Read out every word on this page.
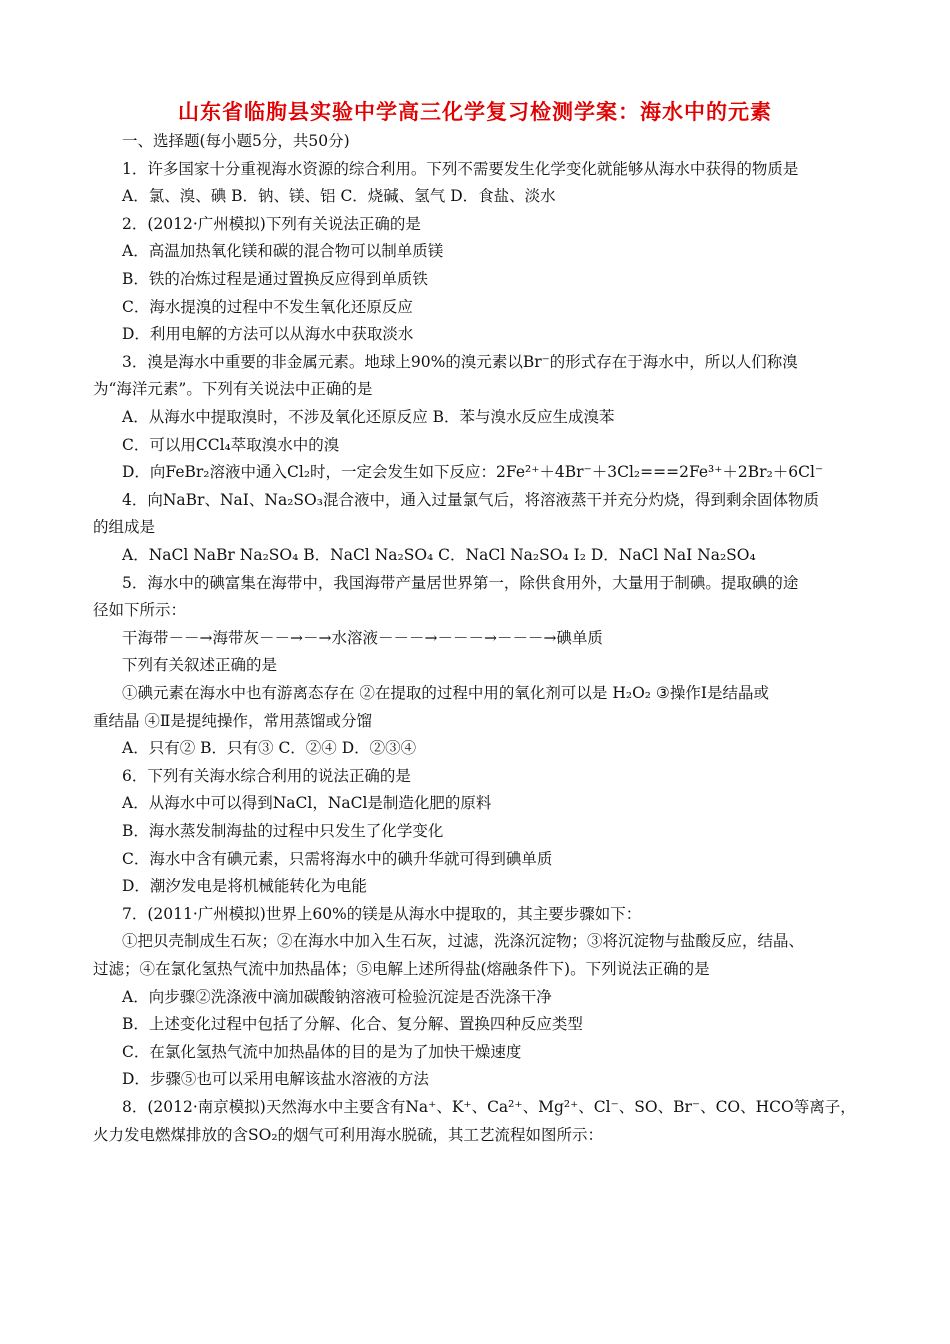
山东省临朐县实验中学高三化学复习检测学案：海水中的元素
一、选择题(每小题5分，共50分)
1．许多国家十分重视海水资源的综合利用。下列不需要发生化学变化就能够从海水中获得的物质是
A．氯、溴、碘 B．钠、镁、铝 C．烧碱、氢气 D．食盐、淡水
2．(2012·广州模拟)下列有关说法正确的是
A．高温加热氧化镁和碳的混合物可以制单质镁
B．铁的冶炼过程是通过置换反应得到单质铁
C．海水提溴的过程中不发生氧化还原反应
D．利用电解的方法可以从海水中获取淡水
3．溴是海水中重要的非金属元素。地球上90%的溴元素以Br⁻的形式存在于海水中，所以人们称溴
为“海洋元素”。下列有关说法中正确的是
A．从海水中提取溴时，不涉及氧化还原反应 B．苯与溴水反应生成溴苯
C．可以用CCl₄萃取溴水中的溴
D．向FeBr₂溶液中通入Cl₂时，一定会发生如下反应：2Fe²⁺＋4Br⁻＋3Cl₂===2Fe³⁺＋2Br₂＋6Cl⁻
4．向NaBr、NaI、Na₂SO₃混合液中，通入过量氯气后，将溶液蒸干并充分灼烧，得到剩余固体物质
的组成是
A．NaCl NaBr Na₂SO₄ B．NaCl Na₂SO₄ C．NaCl Na₂SO₄ I₂ D．NaCl NaI Na₂SO₄
5．海水中的碘富集在海带中，我国海带产量居世界第一，除供食用外，大量用于制碘。提取碘的途
径如下所示：
干海带－－→海带灰－－→－→水溶液－－－→－－－→－－－→碘单质
下列有关叙述正确的是
①碘元素在海水中也有游离态存在 ②在提取的过程中用的氧化剂可以是 H₂O₂ ③操作Ⅰ是结晶或
重结晶 ④Ⅱ是提纯操作，常用蒸馏或分馏
A．只有② B．只有③ C．②④ D．②③④
6．下列有关海水综合利用的说法正确的是
A．从海水中可以得到NaCl，NaCl是制造化肥的原料
B．海水蒸发制海盐的过程中只发生了化学变化
C．海水中含有碘元素，只需将海水中的碘升华就可得到碘单质
D．潮汐发电是将机械能转化为电能
7．(2011·广州模拟)世界上60%的镁是从海水中提取的，其主要步骤如下：
①把贝壳制成生石灰；②在海水中加入生石灰，过滤，洗涤沉淀物；③将沉淀物与盐酸反应，结晶、
过滤；④在氯化氢热气流中加热晶体；⑤电解上述所得盐(熔融条件下)。下列说法正确的是
A．向步骤②洗涤液中滴加碳酸钠溶液可检验沉淀是否洗涤干净
B．上述变化过程中包括了分解、化合、复分解、置换四种反应类型
C．在氯化氢热气流中加热晶体的目的是为了加快干燥速度
D．步骤⑤也可以采用电解该盐水溶液的方法
8．(2012·南京模拟)天然海水中主要含有Na⁺、K⁺、Ca²⁺、Mg²⁺、Cl⁻、SO、Br⁻、CO、HCO等离子，
火力发电燃煤排放的含SO₂的烟气可利用海水脱硫，其工艺流程如图所示：
